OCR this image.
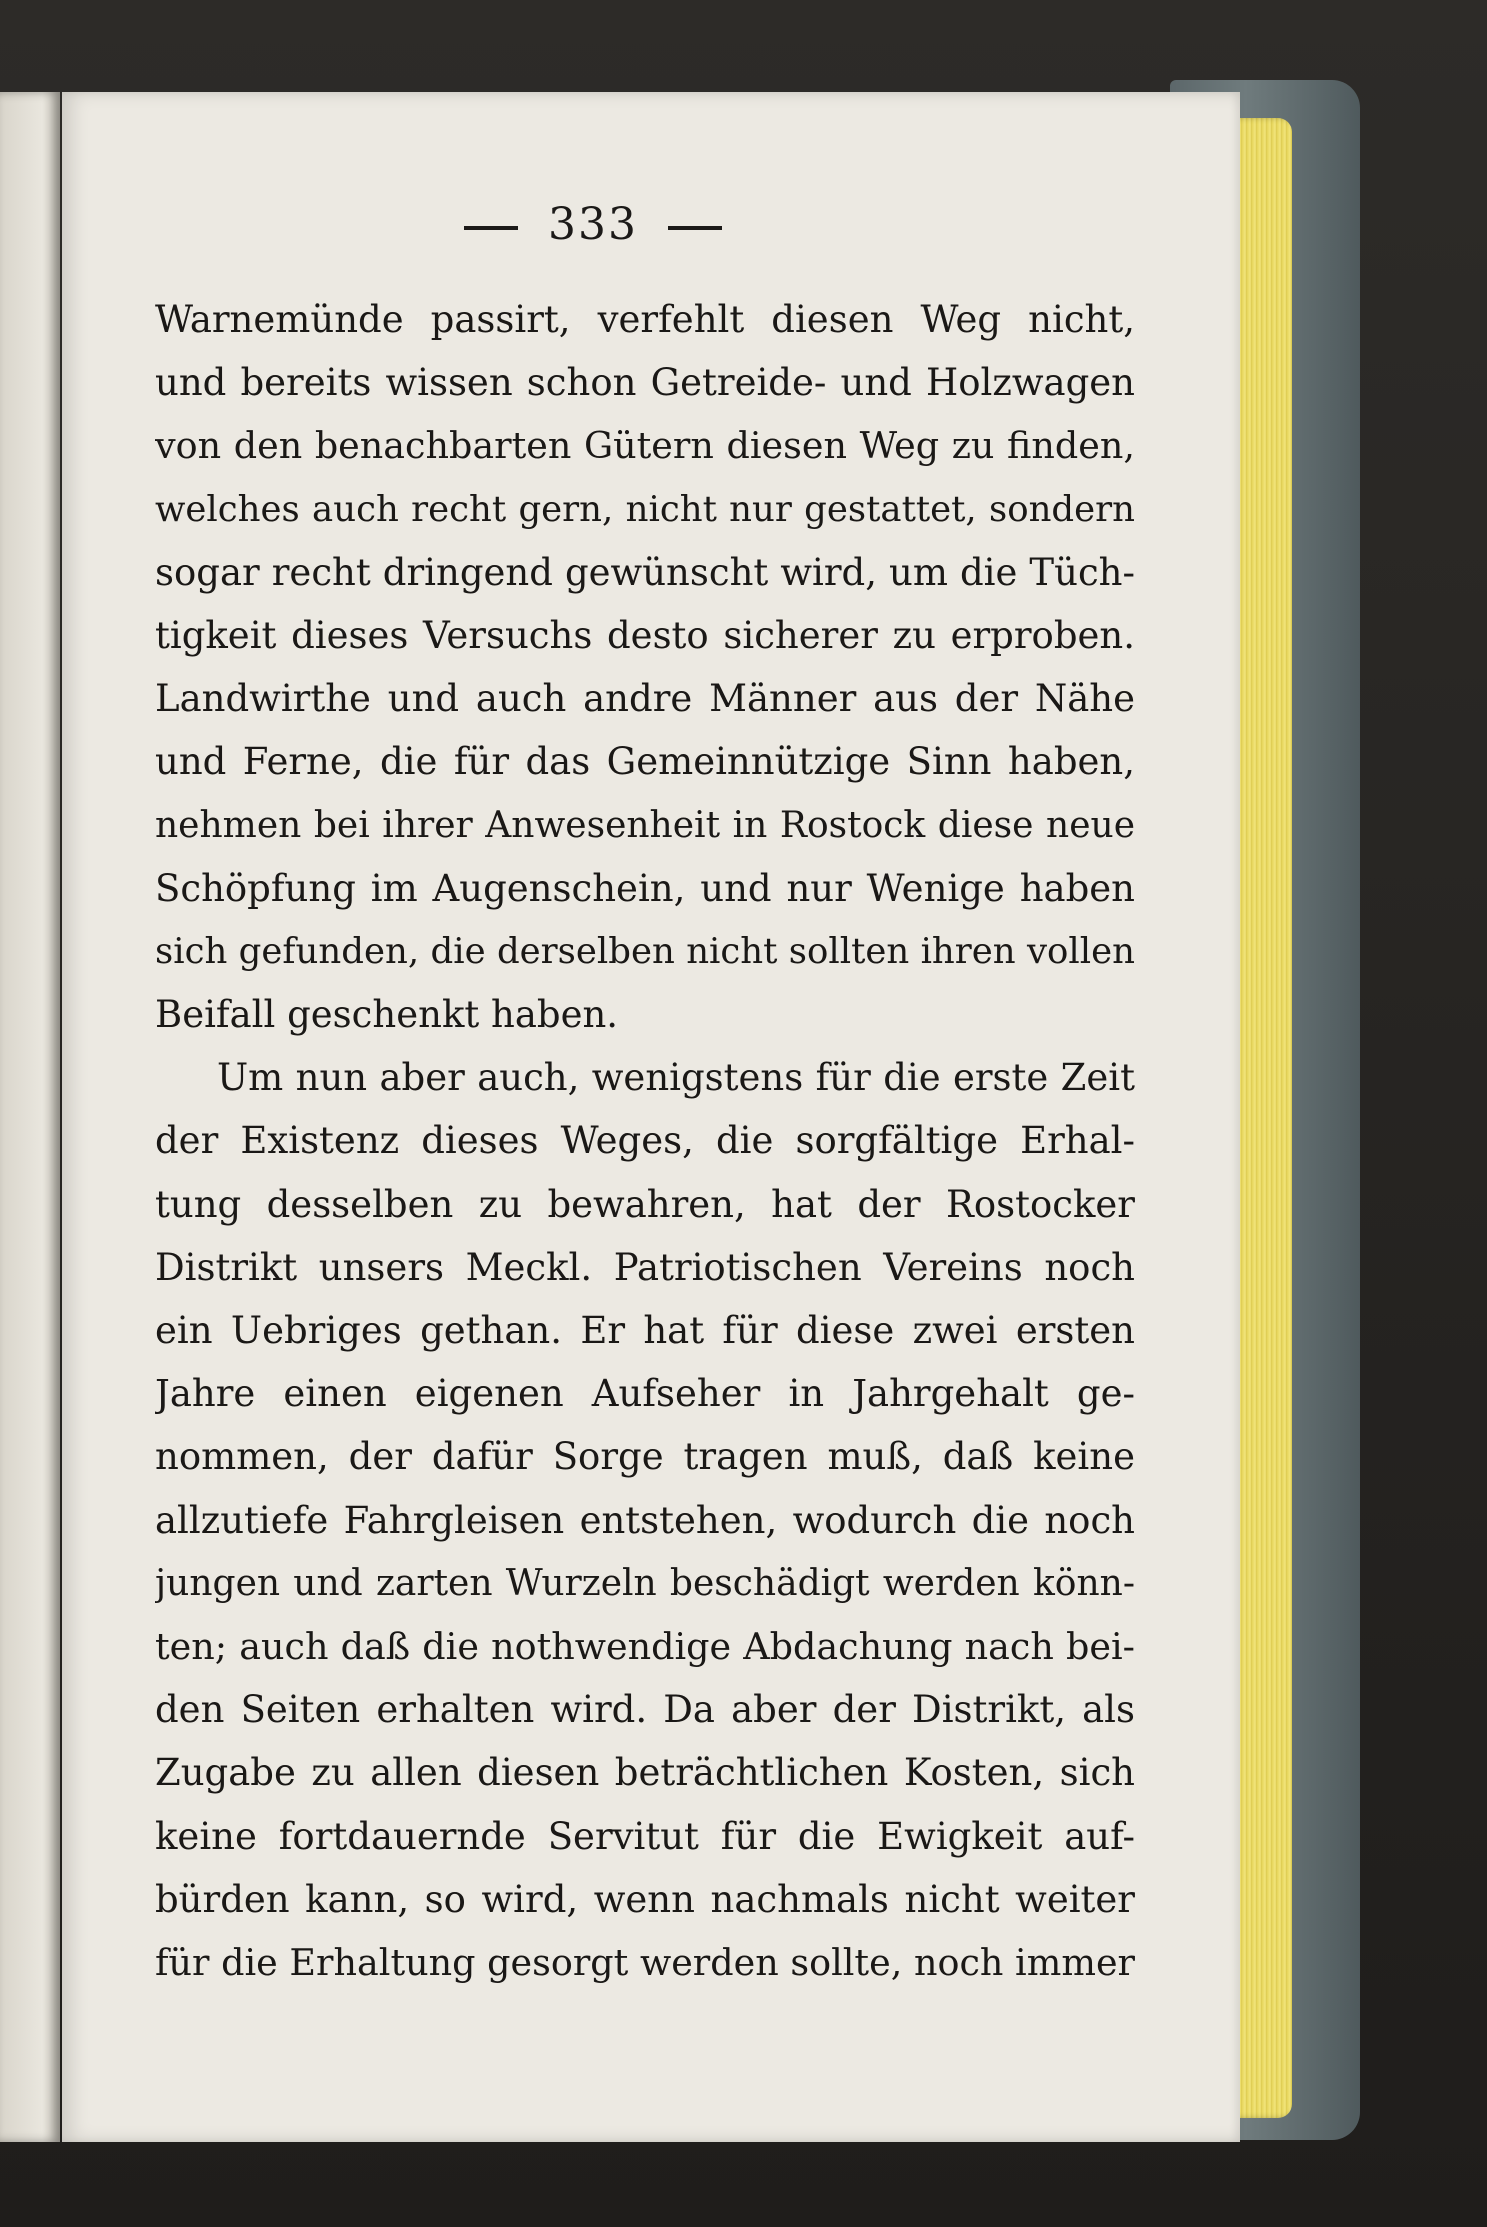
333
Warnemünde passirt, verfehlt diesen Weg nicht,
und bereits wissen schon Getreide- und Holzwagen
von den benachbarten Gütern diesen Weg zu finden,
welches auch recht gern, nicht nur gestattet, sondern
sogar recht dringend gewünscht wird, um die Tüch-
tigkeit dieses Versuchs desto sicherer zu erproben.
Landwirthe und auch andre Männer aus der Nähe
und Ferne, die für das Gemeinnützige Sinn haben,
nehmen bei ihrer Anwesenheit in Rostock diese neue
Schöpfung im Augenschein, und nur Wenige haben
sich gefunden, die derselben nicht sollten ihren vollen
Beifall geschenkt haben.
Um nun aber auch, wenigstens für die erste Zeit
der Existenz dieses Weges, die sorgfältige Erhal-
tung desselben zu bewahren, hat der Rostocker
Distrikt unsers Meckl. Patriotischen Vereins noch
ein Uebriges gethan. Er hat für diese zwei ersten
Jahre einen eigenen Aufseher in Jahrgehalt ge-
nommen, der dafür Sorge tragen muß, daß keine
allzutiefe Fahrgleisen entstehen, wodurch die noch
jungen und zarten Wurzeln beschädigt werden könn-
ten; auch daß die nothwendige Abdachung nach bei-
den Seiten erhalten wird. Da aber der Distrikt, als
Zugabe zu allen diesen beträchtlichen Kosten, sich
keine fortdauernde Servitut für die Ewigkeit auf-
bürden kann, so wird, wenn nachmals nicht weiter
für die Erhaltung gesorgt werden sollte, noch immer
